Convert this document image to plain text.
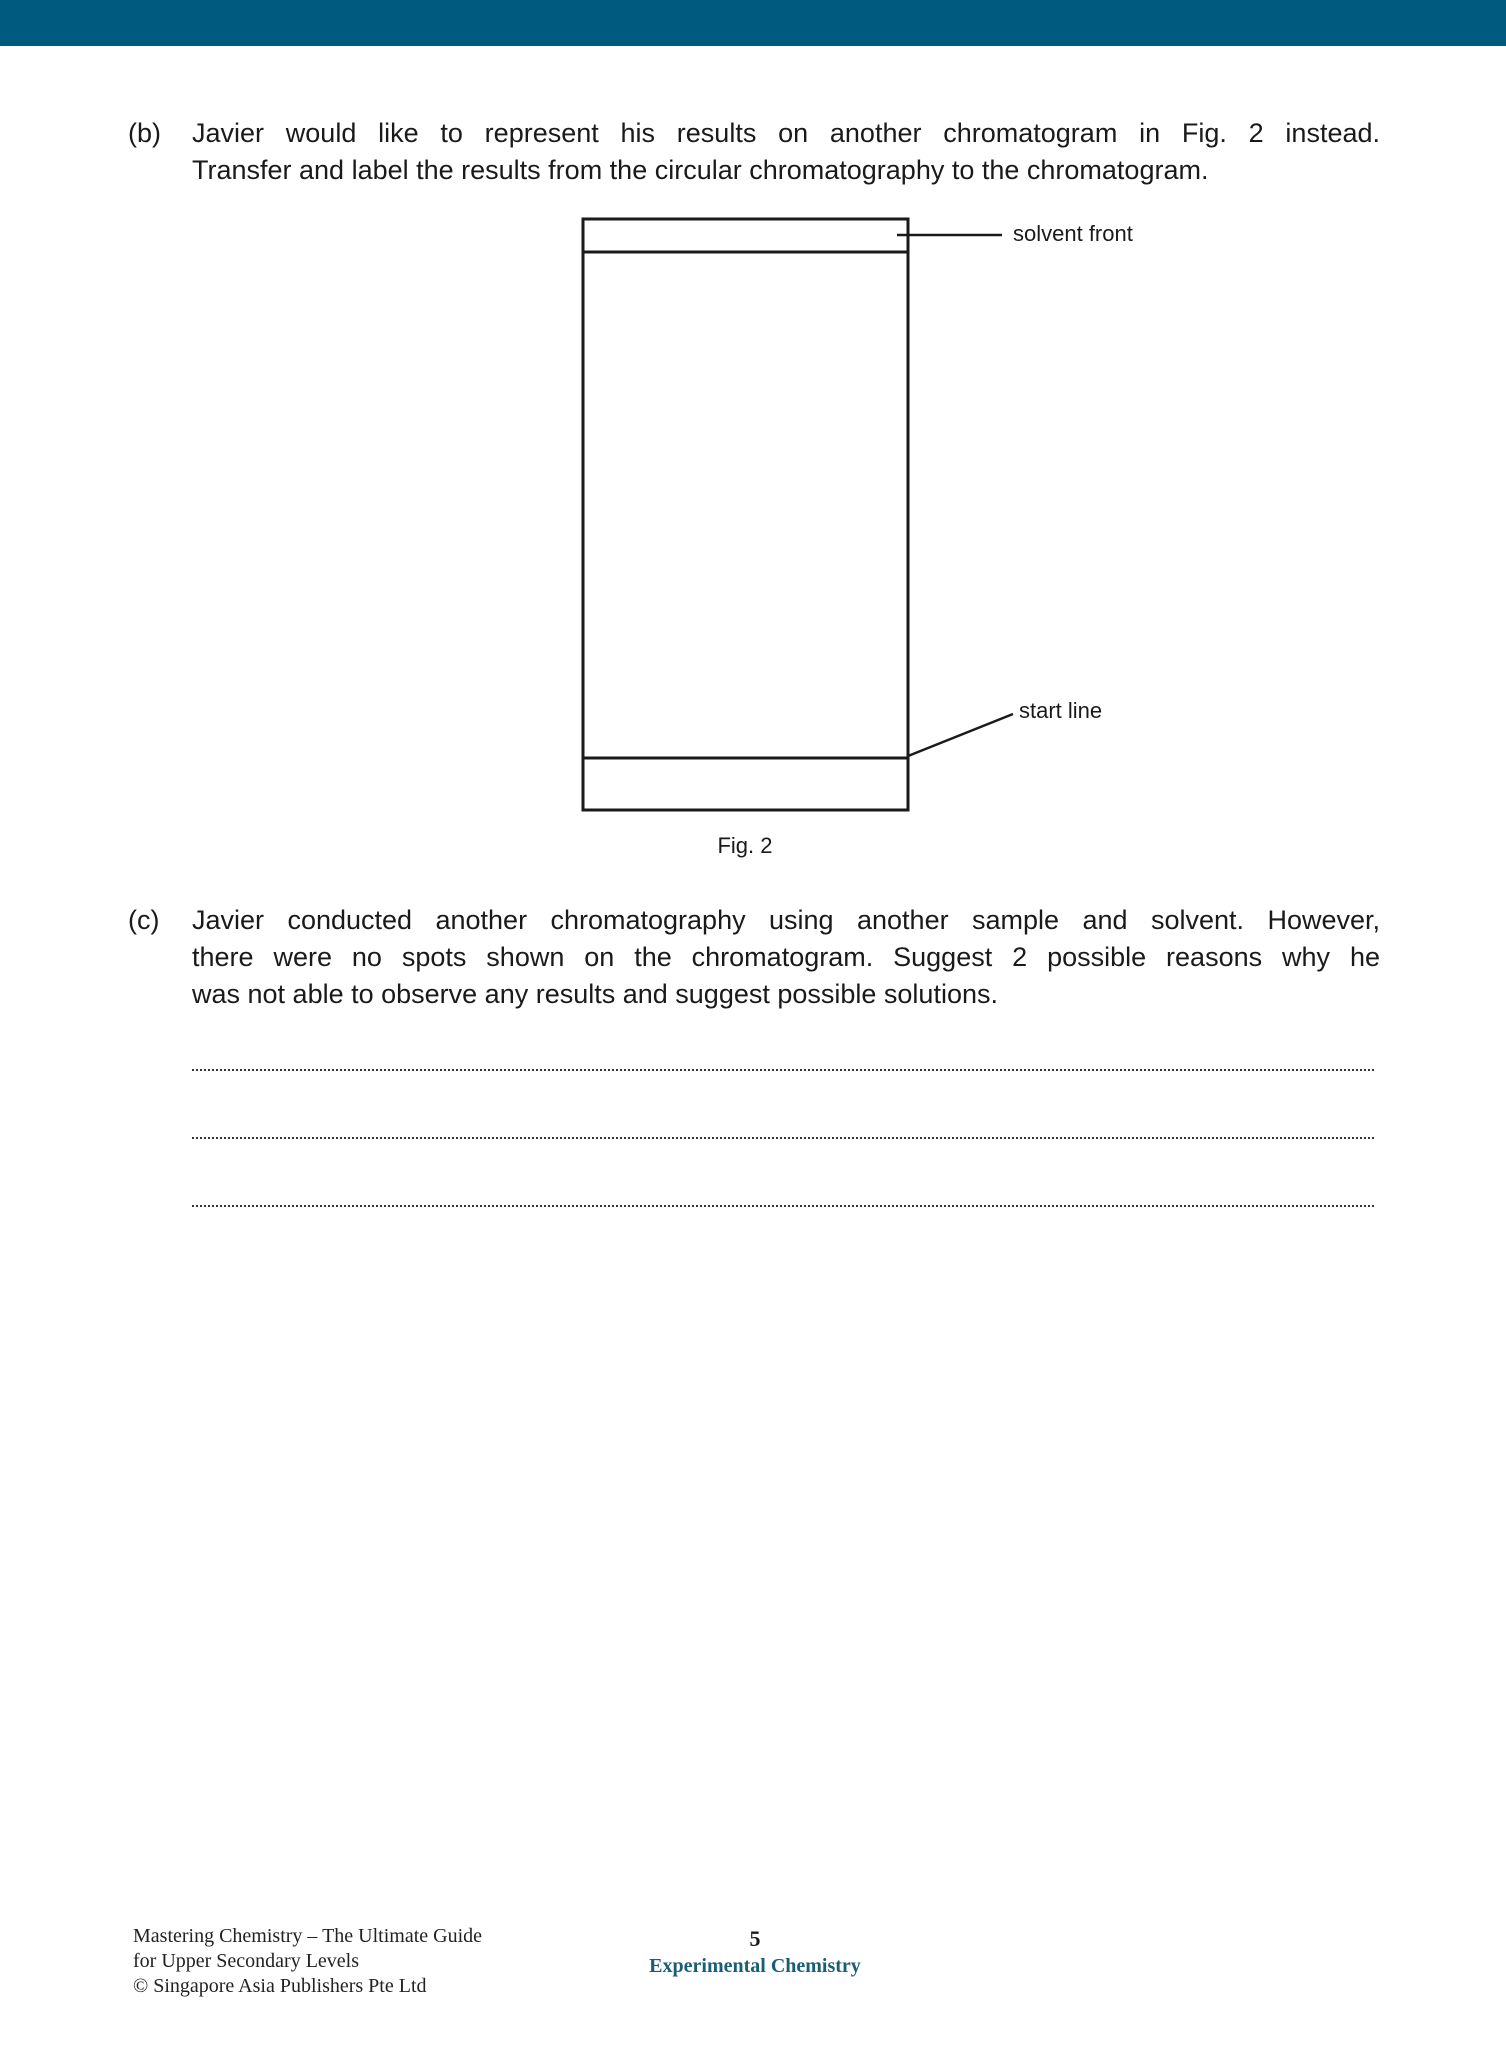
(b) Javier would like to represent his results on another chromatogram in Fig. 2 instead.
Transfer and label the results from the circular chromatography to the chromatogram.
solvent front
start line
Fig. 2
(c) Javier conducted another chromatography using another sample and solvent. However,
there were no spots shown on the chromatogram. Suggest 2 possible reasons why he
was not able to observe any results and suggest possible solutions.
Mastering Chemistry – The Ultimate Guide
for Upper Secondary Levels
© Singapore Asia Publishers Pte Ltd
5
Experimental Chemistry
